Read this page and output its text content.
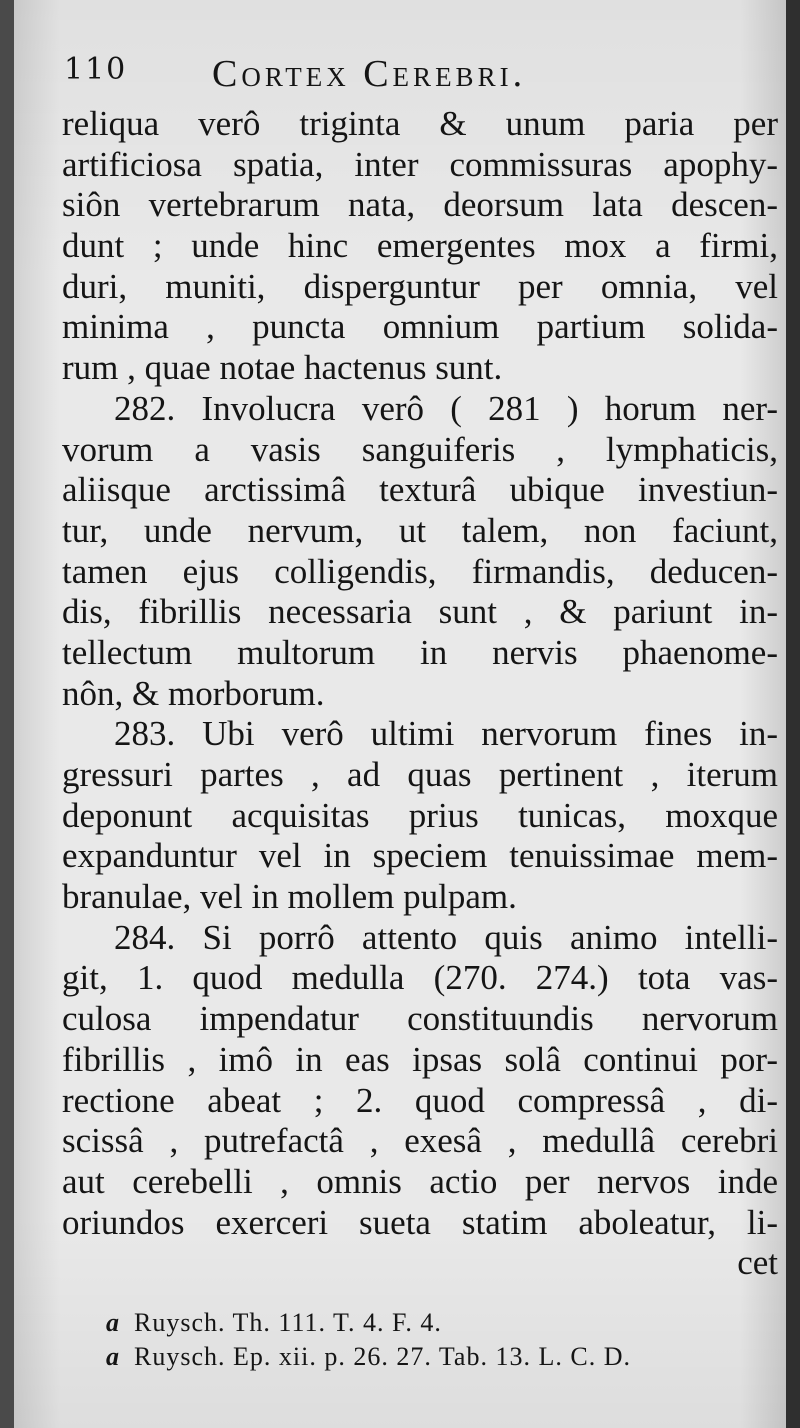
110 Cortex Cerebri.
reliqua verô triginta & unum paria per
artificiosa spatia, inter commissuras apophy-
siôn vertebrarum nata, deorsum lata descen-
dunt ; unde hinc emergentes mox a firmi,
duri, muniti, disperguntur per omnia, vel
minima , puncta omnium partium solida-
rum , quae notae hactenus sunt.
282. Involucra verô ( 281 ) horum ner-
vorum a vasis sanguiferis , lymphaticis,
aliisque arctissimâ texturâ ubique investiun-
tur, unde nervum, ut talem, non faciunt,
tamen ejus colligendis, firmandis, deducen-
dis, fibrillis necessaria sunt , & pariunt in-
tellectum multorum in nervis phaenome-
nôn, & morborum.
283. Ubi verô ultimi nervorum fines in-
gressuri partes , ad quas pertinent , iterum
deponunt acquisitas prius tunicas, moxque
expanduntur vel in speciem tenuissimae mem-
branulae, vel in mollem pulpam.
284. Si porrô attento quis animo intelli-
git, 1. quod medulla (270. 274.) tota vas-
culosa impendatur constituundis nervorum
fibrillis , imô in eas ipsas solâ continui por-
rectione abeat ; 2. quod compressâ , di-
scissâ , putrefactâ , exesâ , medullâ cerebri
aut cerebelli , omnis actio per nervos inde
oriundos exerceri sueta statim aboleatur, li-
cet
a Ruysch. Th. 111. T. 4. F. 4.
a Ruysch. Ep. xii. p. 26. 27. Tab. 13. L. C. D.
